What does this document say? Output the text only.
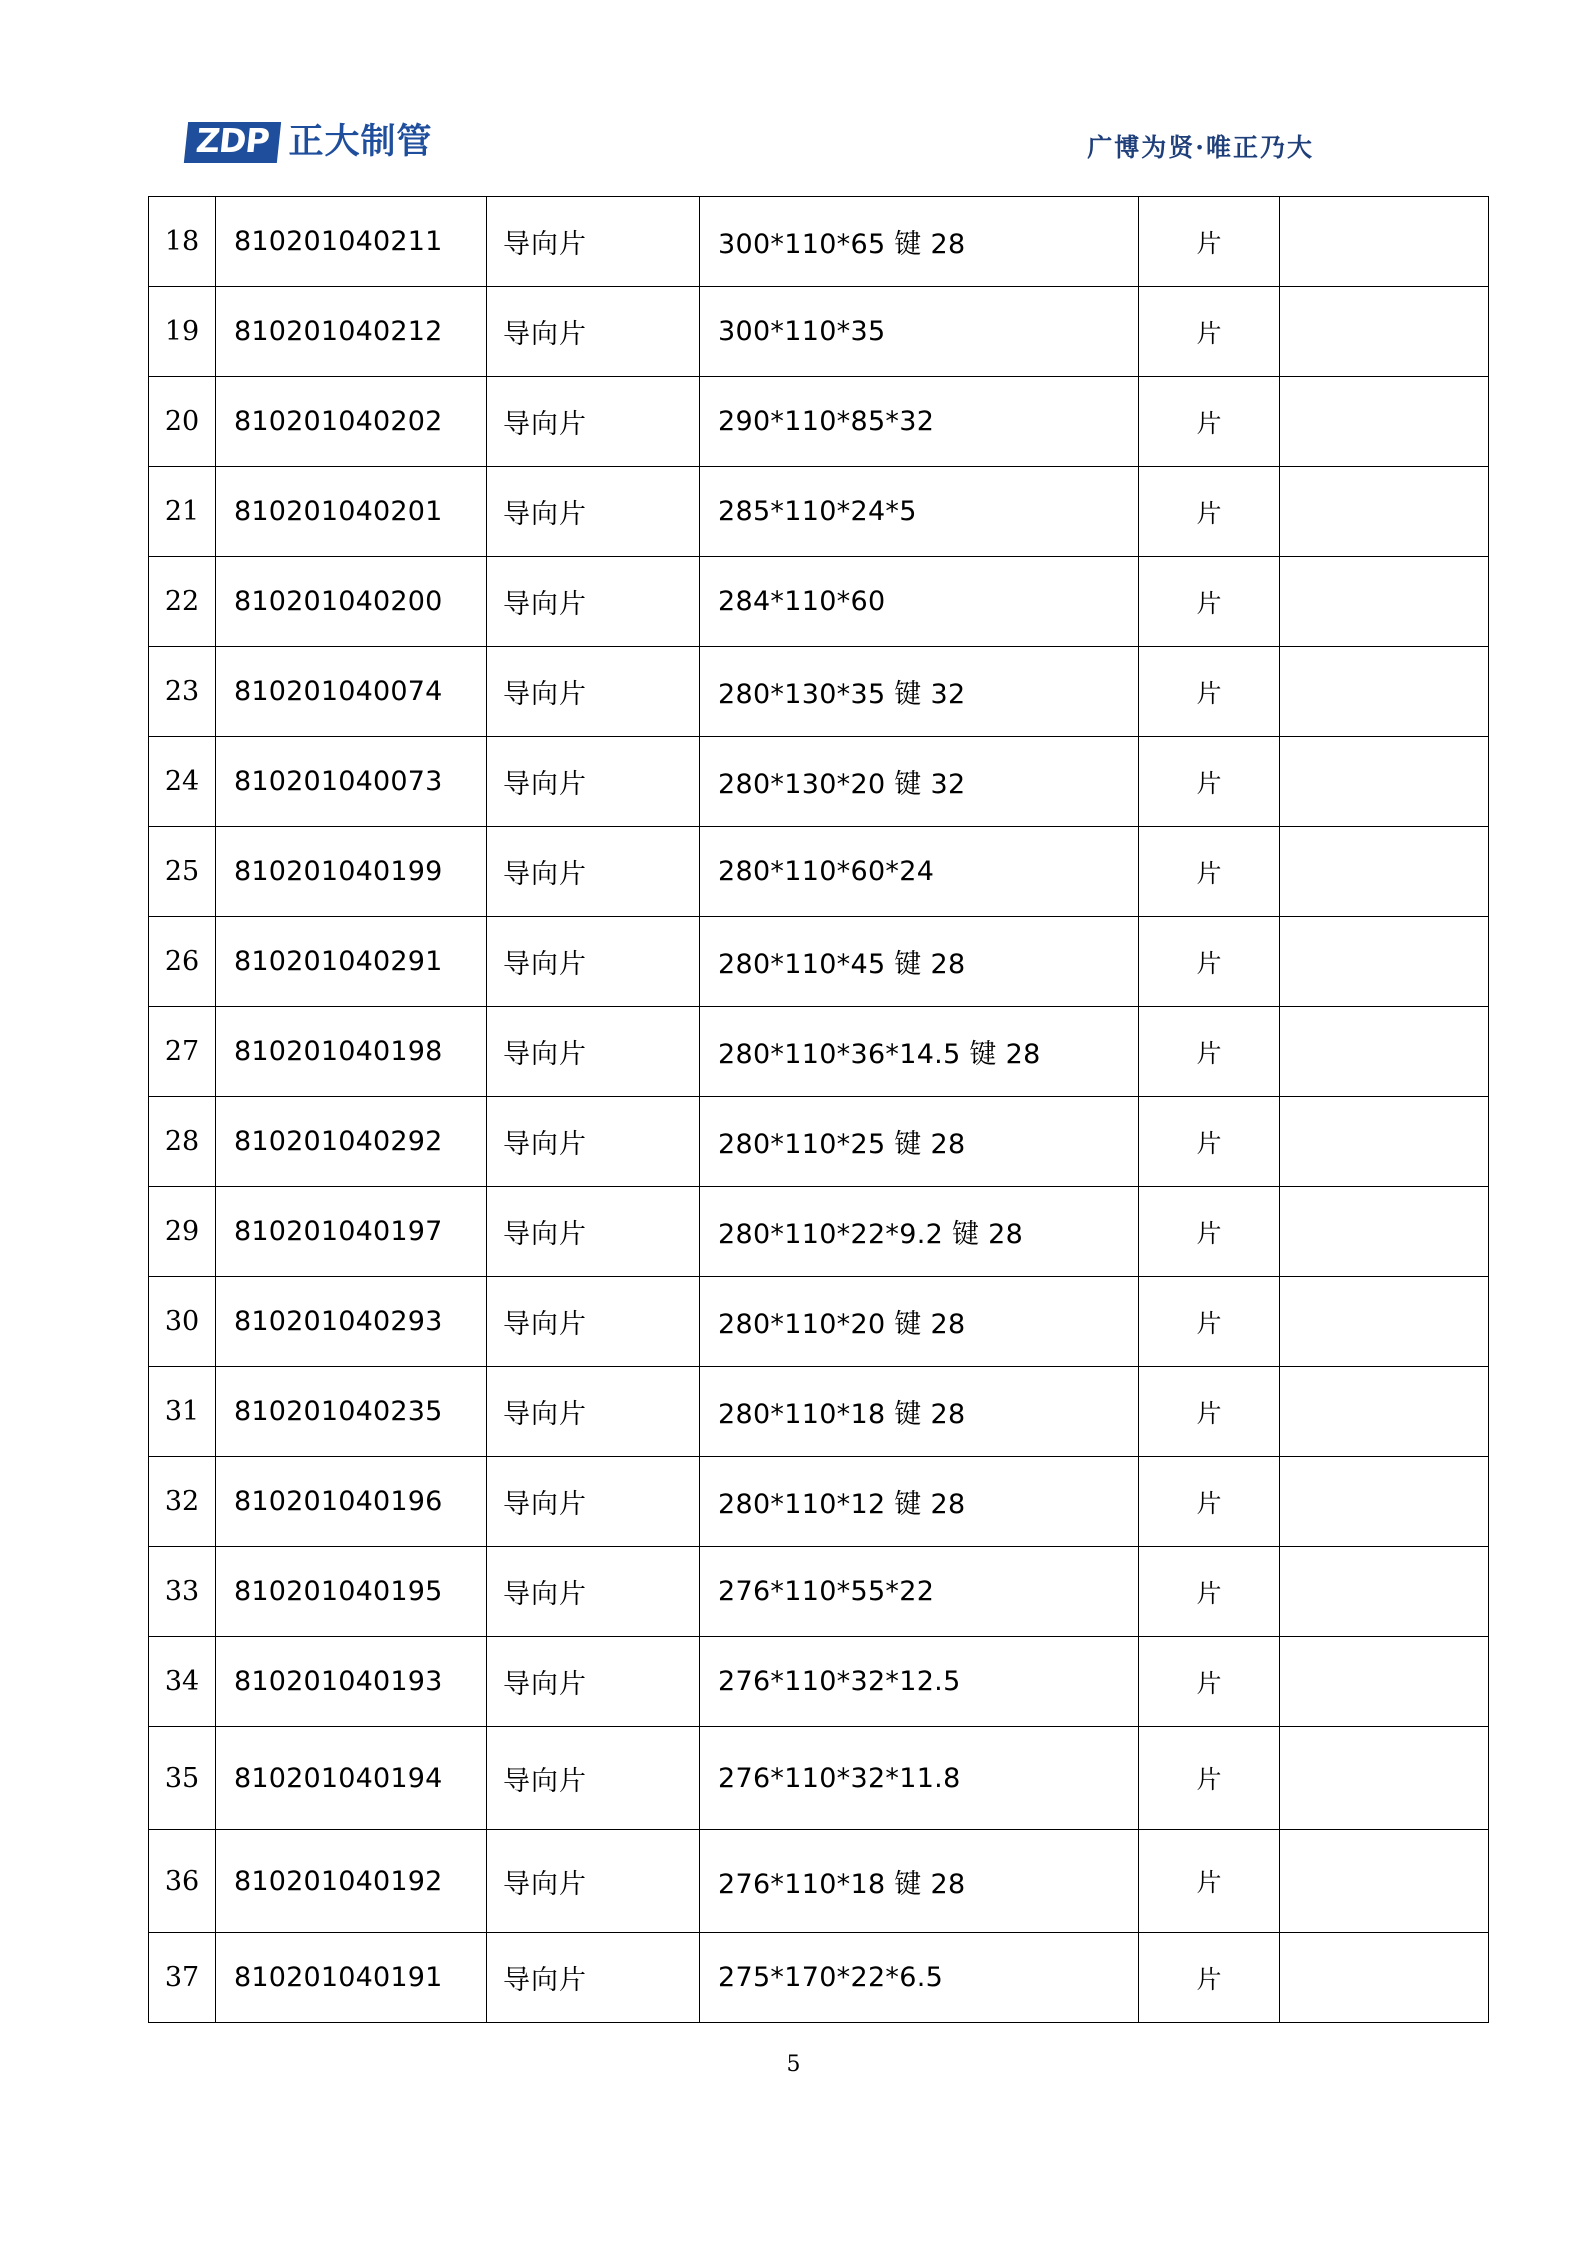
ZDP 正大制管	广博为贤·唯正乃大
18	810201040211	导向片	300*110*65 键 28	片	
19	810201040212	导向片	300*110*35	片	
20	810201040202	导向片	290*110*85*32	片	
21	810201040201	导向片	285*110*24*5	片	
22	810201040200	导向片	284*110*60	片	
23	810201040074	导向片	280*130*35 键 32	片	
24	810201040073	导向片	280*130*20 键 32	片	
25	810201040199	导向片	280*110*60*24	片	
26	810201040291	导向片	280*110*45 键 28	片	
27	810201040198	导向片	280*110*36*14.5 键 28	片	
28	810201040292	导向片	280*110*25 键 28	片	
29	810201040197	导向片	280*110*22*9.2 键 28	片	
30	810201040293	导向片	280*110*20 键 28	片	
31	810201040235	导向片	280*110*18 键 28	片	
32	810201040196	导向片	280*110*12 键 28	片	
33	810201040195	导向片	276*110*55*22	片	
34	810201040193	导向片	276*110*32*12.5	片	
35	810201040194	导向片	276*110*32*11.8	片	
36	810201040192	导向片	276*110*18 键 28	片	
37	810201040191	导向片	275*170*22*6.5	片	
5
